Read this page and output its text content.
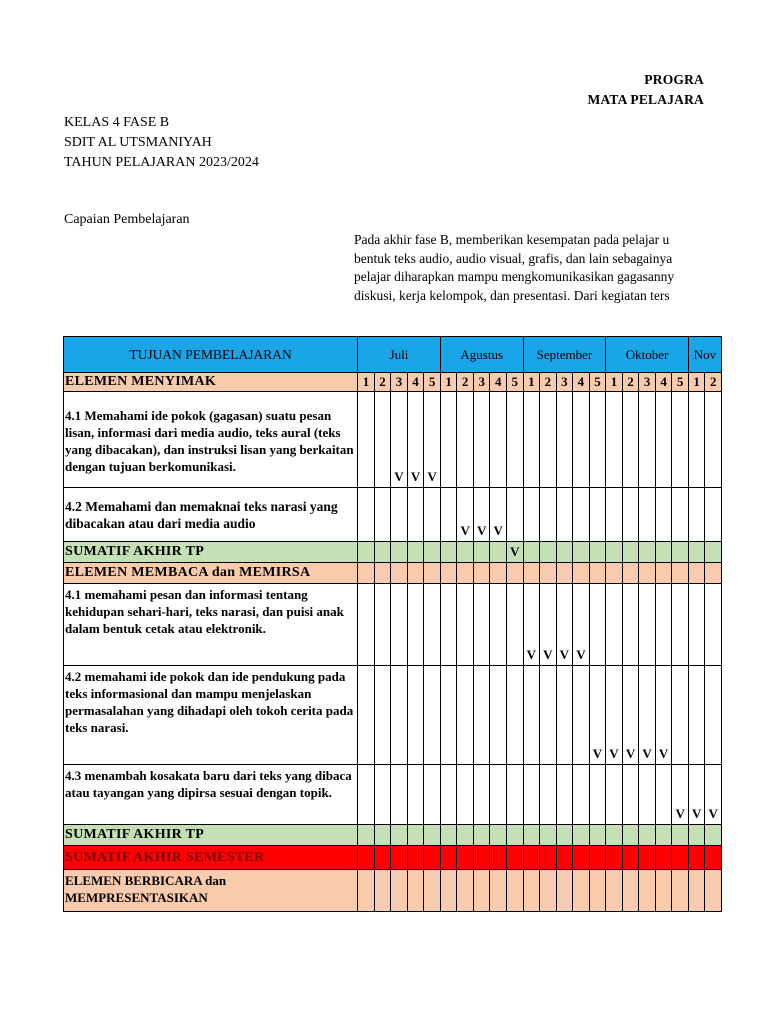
PROGRA
MATA PELAJARA
KELAS 4 FASE B
SDIT AL UTSMANIYAH
TAHUN PELAJARAN 2023/2024
Capaian Pembelajaran
Pada akhir fase B, memberikan kesempatan pada pelajar u
bentuk teks audio, audio visual, grafis, dan lain sebagainya
pelajar diharapkan mampu mengkomunikasikan gagasanny
diskusi, kerja kelompok, dan presentasi. Dari kegiatan ters
TUJUAN PEMBELAJARAN	Juli					Agustus					September					Oktober					Nov	
ELEMEN MENYIMAK	1	2	3	4	5	1	2	3	4	5	1	2	3	4	5	1	2	3	4	5	1	2
4.1 Memahami ide pokok (gagasan) suatu pesan lisan, informasi dari media audio, teks aural (teks yang dibacakan), dan instruksi lisan yang berkaitan dengan tujuan berkomunikasi.			V	V	V																	
4.2 Memahami dan memaknai teks narasi yang dibacakan atau dari media audio							V	V	V													
SUMATIF AKHIR TP										V												
ELEMEN MEMBACA dan MEMIRSA																						
4.1 memahami pesan dan informasi tentang kehidupan sehari-hari, teks narasi, dan puisi anak dalam bentuk cetak atau elektronik.											V	V	V	V								
4.2 memahami ide pokok dan ide pendukung pada teks informasional dan mampu menjelaskan permasalahan yang dihadapi oleh tokoh cerita pada teks narasi.															V	V	V	V	V			
4.3 menambah kosakata baru dari teks yang dibaca atau tayangan yang dipirsa sesuai dengan topik.																				V	V	V
SUMATIF AKHIR TP																						
SUMATIF AKHIR SEMESTER																						
ELEMEN BERBICARA dan MEMPRESENTASIKAN																						
